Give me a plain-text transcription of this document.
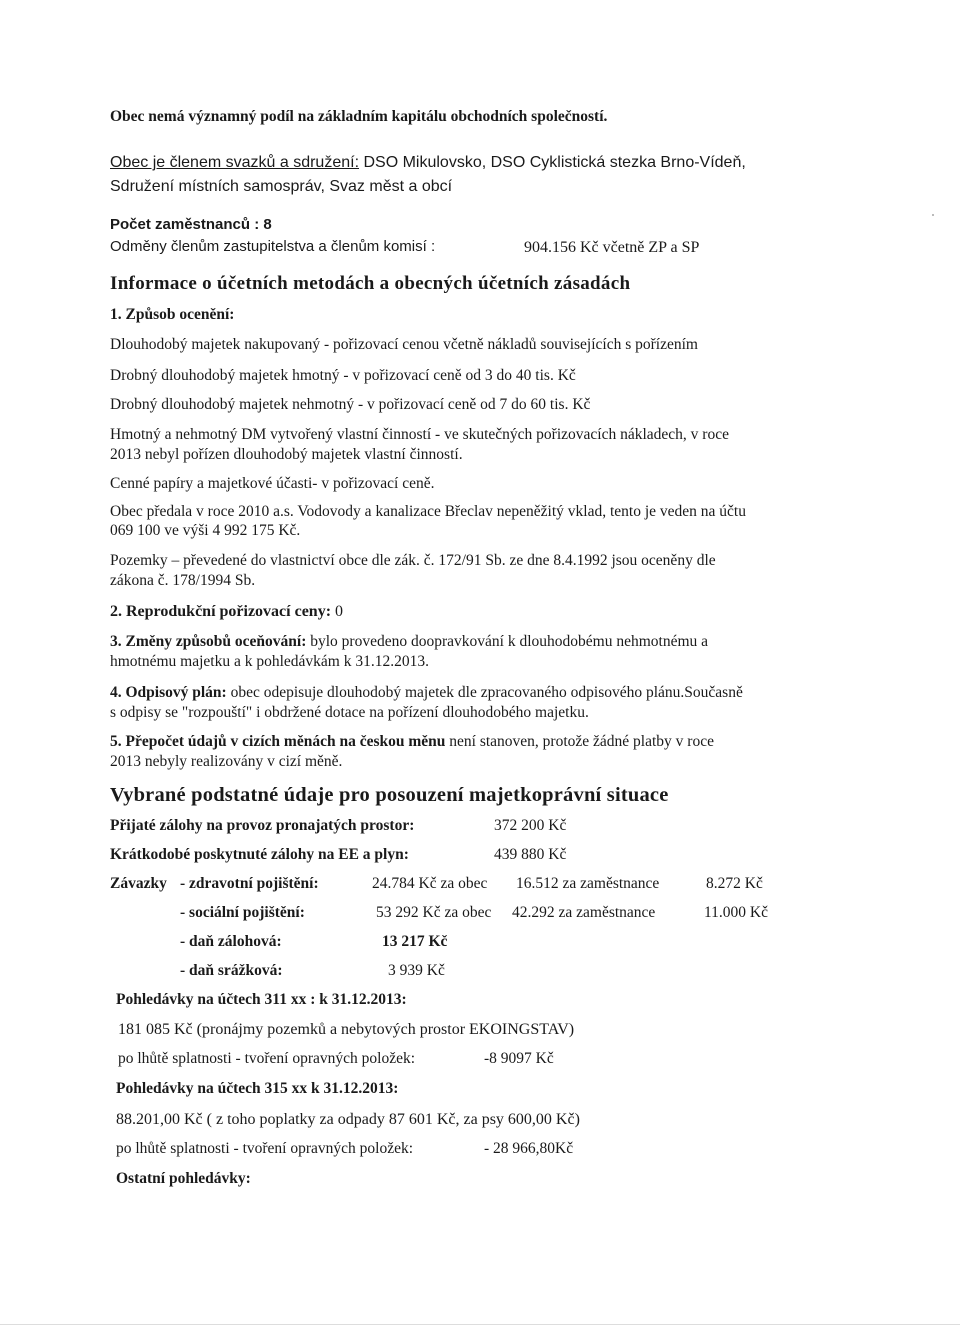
Obec nemá významný podíl na základním kapitálu obchodních společností.
Obec je členem svazků a sdružení: DSO Mikulovsko, DSO Cyklistická stezka Brno-Vídeň,
Sdružení místních samospráv, Svaz měst a obcí
Počet zaměstnanců : 8
Odměny členům zastupitelstva a členům komisí :	904.156 Kč včetně ZP a SP
Informace o účetních metodách a obecných účetních zásadách
1. Způsob ocenění:
Dlouhodobý majetek nakupovaný - pořizovací cenou včetně nákladů souvisejících s pořízením
Drobný dlouhodobý majetek hmotný - v pořizovací ceně od 3 do 40 tis. Kč
Drobný dlouhodobý majetek nehmotný - v pořizovací ceně od 7 do 60 tis. Kč
Hmotný a nehmotný DM vytvořený vlastní činností - ve skutečných pořizovacích nákladech, v roce
2013 nebyl pořízen dlouhodobý majetek vlastní činností.
Cenné papíry a majetkové účasti- v pořizovací ceně.
Obec předala v roce 2010 a.s. Vodovody a kanalizace Břeclav nepeněžitý vklad, tento je veden na účtu
069 100 ve výši 4 992 175 Kč.
Pozemky – převedené do vlastnictví obce dle zák. č. 172/91 Sb. ze dne 8.4.1992 jsou oceněny dle
zákona č. 178/1994 Sb.
2. Reprodukční pořizovací ceny: 0
3. Změny způsobů oceňování: bylo provedeno doopravkování k dlouhodobému nehmotnému a
hmotnému majetku a k pohledávkám k 31.12.2013.
4. Odpisový plán: obec odepisuje dlouhodobý majetek dle zpracovaného odpisového plánu.Současně
s odpisy se "rozpouští" i obdržené dotace na pořízení dlouhodobého majetku.
5. Přepočet údajů v cizích měnách na českou měnu není stanoven, protože žádné platby v roce
2013 nebyly realizovány v cizí měně.
Vybrané podstatné údaje pro posouzení majetkoprávní situace
Přijaté zálohy na provoz pronajatých prostor:	372 200 Kč
Krátkodobé poskytnuté zálohy na EE a plyn:	439 880 Kč
Závazky - zdravotní pojištění:	24.784 Kč za obec 16.512 za zaměstnance	8.272 Kč
- sociální pojištění:	53 292 Kč za obec 42.292 za zaměstnance	11.000 Kč
- daň zálohová:	13 217 Kč
- daň srážková:	3 939 Kč
Pohledávky na účtech 311 xx : k 31.12.2013:
181 085 Kč (pronájmy pozemků a nebytových prostor EKOINGSTAV)
po lhůtě splatnosti - tvoření opravných položek:	-8 9097 Kč
Pohledávky na účtech 315 xx k 31.12.2013:
88.201,00 Kč ( z toho poplatky za odpady 87 601 Kč, za psy 600,00 Kč)
po lhůtě splatnosti - tvoření opravných položek:	- 28 966,80Kč
Ostatní pohledávky:
